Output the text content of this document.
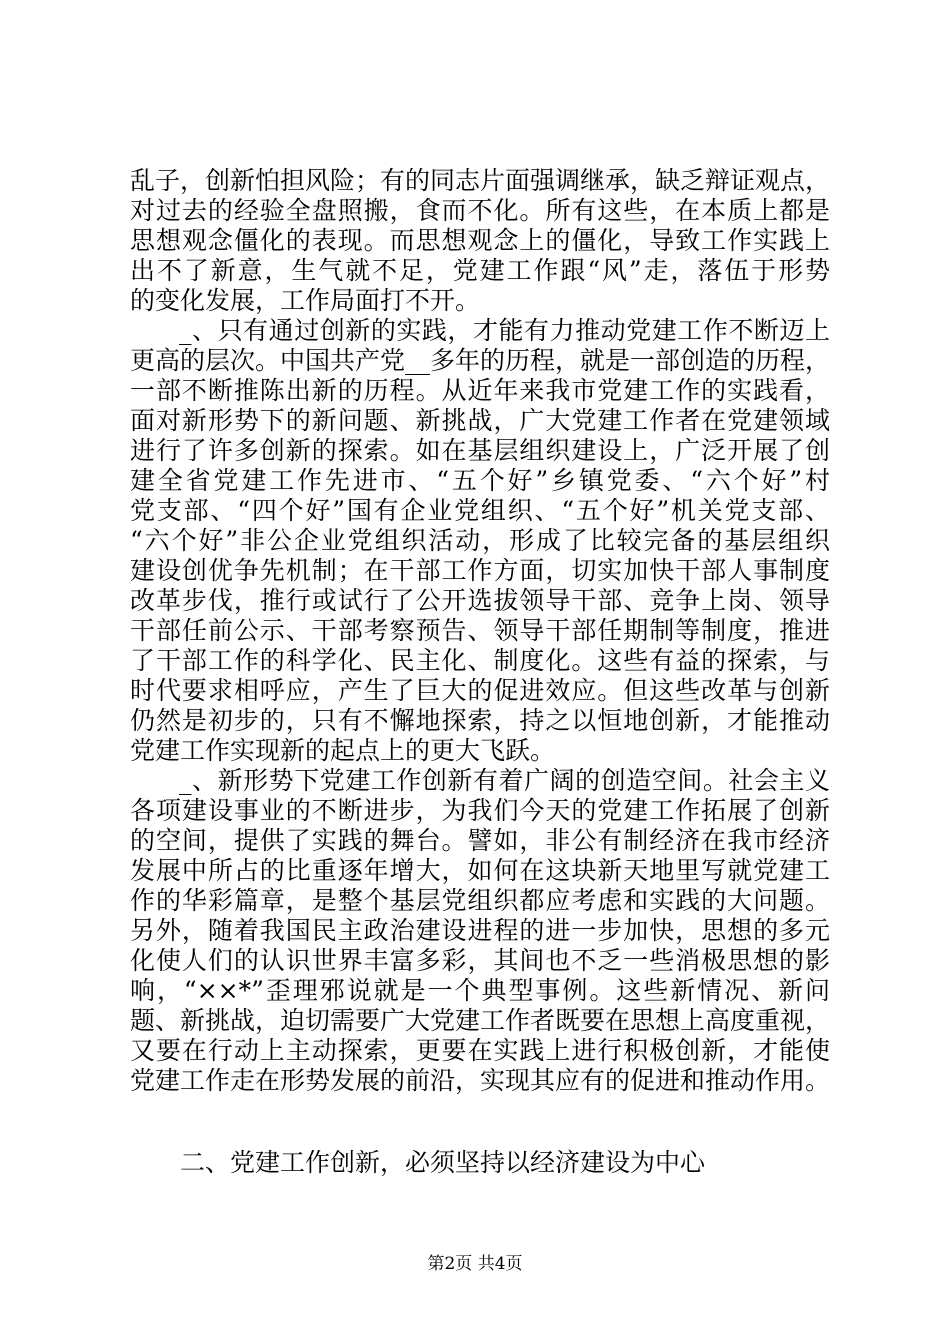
乱子，创新怕担风险；有的同志片面强调继承，缺乏辩证观点，
对过去的经验全盘照搬，食而不化。所有这些，在本质上都是
思想观念僵化的表现。而思想观念上的僵化，导致工作实践上
出不了新意，生气就不足，党建工作跟“风”走，落伍于形势
的变化发展，工作局面打不开。
_、只有通过创新的实践，才能有力推动党建工作不断迈上
更高的层次。中国共产党__多年的历程，就是一部创造的历程，
一部不断推陈出新的历程。从近年来我市党建工作的实践看，
面对新形势下的新问题、新挑战，广大党建工作者在党建领域
进行了许多创新的探索。如在基层组织建设上，广泛开展了创
建全省党建工作先进市、“五个好”乡镇党委、“六个好”村
党支部、“四个好”国有企业党组织、“五个好”机关党支部、
“六个好”非公企业党组织活动，形成了比较完备的基层组织
建设创优争先机制；在干部工作方面，切实加快干部人事制度
改革步伐，推行或试行了公开选拔领导干部、竞争上岗、领导
干部任前公示、干部考察预告、领导干部任期制等制度，推进
了干部工作的科学化、民主化、制度化。这些有益的探索，与
时代要求相呼应，产生了巨大的促进效应。但这些改革与创新
仍然是初步的，只有不懈地探索，持之以恒地创新，才能推动
党建工作实现新的起点上的更大飞跃。
_、新形势下党建工作创新有着广阔的创造空间。社会主义
各项建设事业的不断进步，为我们今天的党建工作拓展了创新
的空间，提供了实践的舞台。譬如，非公有制经济在我市经济
发展中所占的比重逐年增大，如何在这块新天地里写就党建工
作的华彩篇章，是整个基层党组织都应考虑和实践的大问题。
另外，随着我国民主政治建设进程的进一步加快，思想的多元
化使人们的认识世界丰富多彩，其间也不乏一些消极思想的影
响，“××*”歪理邪说就是一个典型事例。这些新情况、新问
题、新挑战，迫切需要广大党建工作者既要在思想上高度重视，
又要在行动上主动探索，更要在实践上进行积极创新，才能使
党建工作走在形势发展的前沿，实现其应有的促进和推动作用。
二、党建工作创新，必须坚持以经济建设为中心
第2页 共4页
